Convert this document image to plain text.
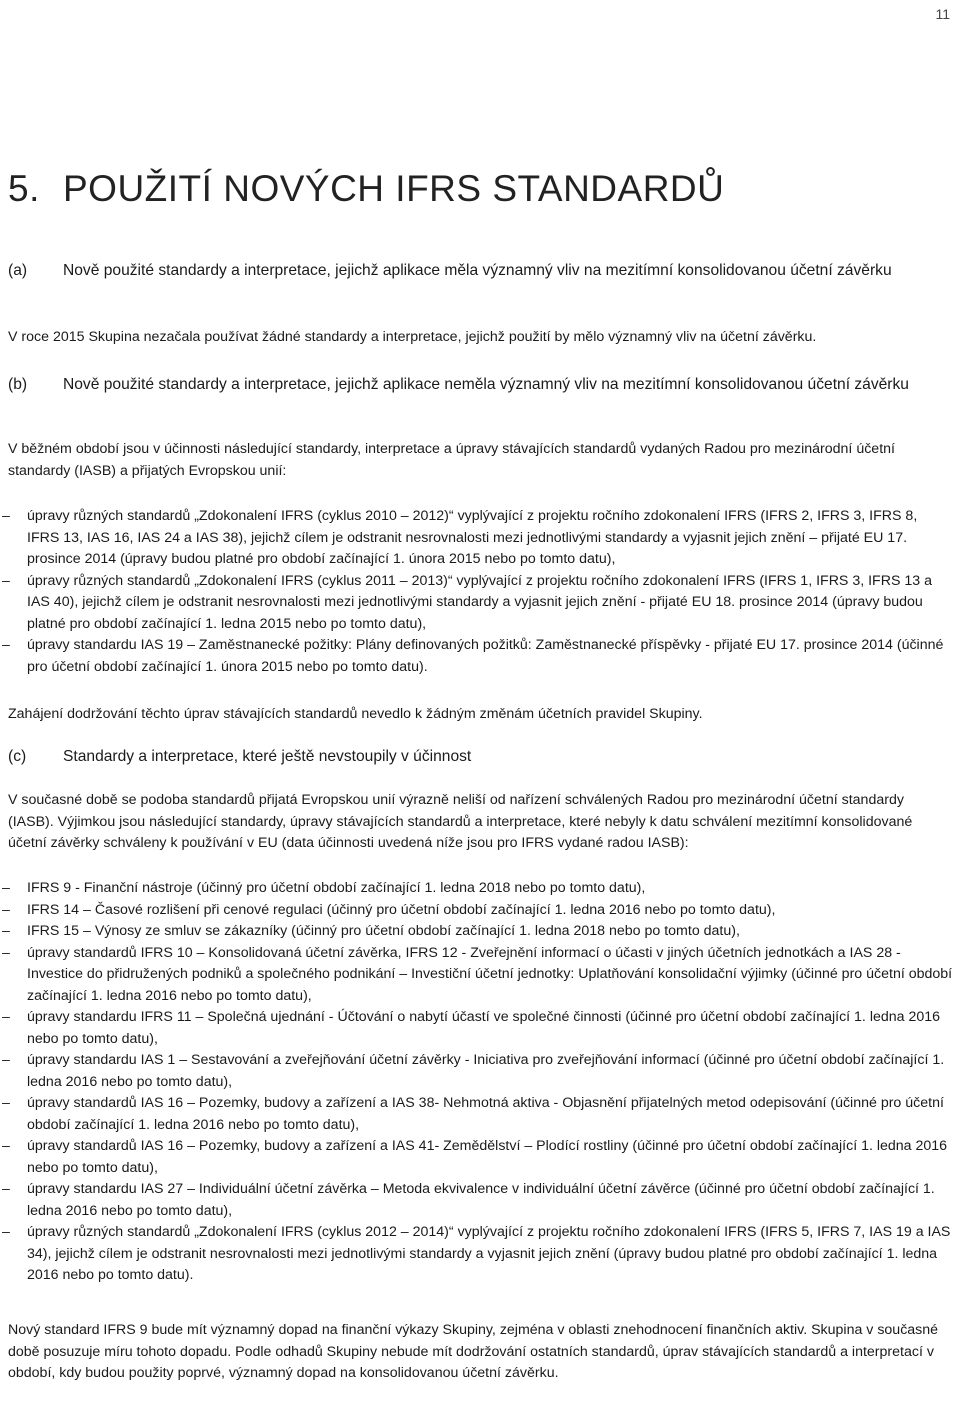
11
5. POUŽITÍ NOVÝCH IFRS STANDARDŮ
(a) Nově použité standardy a interpretace, jejichž aplikace měla významný vliv na mezitímní konsolidovanou účetní závěrku

V roce 2015 Skupina nezačala používat žádné standardy a interpretace, jejichž použití by mělo významný vliv na účetní závěrku.

(b) Nově použité standardy a interpretace, jejichž aplikace neměla významný vliv na mezitímní konsolidovanou účetní závěrku

V běžném období jsou v účinnosti následující standardy, interpretace a úpravy stávajících standardů vydaných Radou pro mezinárodní účetní standardy (IASB) a přijatých Evropskou unií:

– úpravy různých standardů „Zdokonalení IFRS (cyklus 2010 – 2012)“ vyplývající z projektu ročního zdokonalení IFRS (IFRS 2, IFRS 3, IFRS 8, IFRS 13, IAS 16, IAS 24 a IAS 38), jejichž cílem je odstranit nesrovnalosti mezi jednotlivými standardy a vyjasnit jejich znění – přijaté EU 17. prosince 2014 (úpravy budou platné pro období začínající 1. února 2015 nebo po tomto datu),
– úpravy různých standardů „Zdokonalení IFRS (cyklus 2011 – 2013)“ vyplývající z projektu ročního zdokonalení IFRS (IFRS 1, IFRS 3, IFRS 13 a IAS 40), jejichž cílem je odstranit nesrovnalosti mezi jednotlivými standardy a vyjasnit jejich znění - přijaté EU 18. prosince 2014 (úpravy budou platné pro období začínající 1. ledna 2015 nebo po tomto datu),
– úpravy standardu IAS 19 – Zaměstnanecké požitky: Plány definovaných požitků: Zaměstnanecké příspěvky - přijaté EU 17. prosince 2014 (účinné pro účetní období začínající 1. února 2015 nebo po tomto datu).

Zahájení dodržování těchto úprav stávajících standardů nevedlo k žádným změnám účetních pravidel Skupiny.

(c) Standardy a interpretace, které ještě nevstoupily v účinnost

V současné době se podoba standardů přijatá Evropskou unií výrazně neliší od nařízení schválených Radou pro mezinárodní účetní standardy (IASB). Výjimkou jsou následující standardy, úpravy stávajících standardů a interpretace, které nebyly k datu schválení mezitímní konsolidované účetní závěrky schváleny k používání v EU (data účinnosti uvedená níže jsou pro IFRS vydané radou IASB):

– IFRS 9 - Finanční nástroje (účinný pro účetní období začínající 1. ledna 2018 nebo po tomto datu),
– IFRS 14 – Časové rozlišení při cenové regulaci (účinný pro účetní období začínající 1. ledna 2016 nebo po tomto datu),
– IFRS 15 – Výnosy ze smluv se zákazníky (účinný pro účetní období začínající 1. ledna 2018 nebo po tomto datu),
– úpravy standardů IFRS 10 – Konsolidovaná účetní závěrka, IFRS 12 - Zveřejnění informací o účasti v jiných účetních jednotkách a IAS 28 - Investice do přidružených podniků a společného podnikání – Investiční účetní jednotky: Uplatňování konsolidační výjimky (účinné pro účetní období začínající 1. ledna 2016 nebo po tomto datu),
– úpravy standardu IFRS 11 – Společná ujednání - Účtování o nabytí účastí ve společné činnosti (účinné pro účetní období začínající 1. ledna 2016 nebo po tomto datu),
– úpravy standardu IAS 1 – Sestavování a zveřejňování účetní závěrky - Iniciativa pro zveřejňování informací (účinné pro účetní období začínající 1. ledna 2016 nebo po tomto datu),
– úpravy standardů IAS 16 – Pozemky, budovy a zařízení a IAS 38- Nehmotná aktiva - Objasnění přijatelných metod odepisování (účinné pro účetní období začínající 1. ledna 2016 nebo po tomto datu),
– úpravy standardů IAS 16 – Pozemky, budovy a zařízení a IAS 41- Zemědělství – Plodící rostliny (účinné pro účetní období začínající 1. ledna 2016 nebo po tomto datu),
– úpravy standardu IAS 27 – Individuální účetní závěrka – Metoda ekvivalence v individuální účetní závěrce (účinné pro účetní období začínající 1. ledna 2016 nebo po tomto datu),
– úpravy různých standardů „Zdokonalení IFRS (cyklus 2012 – 2014)“ vyplývající z projektu ročního zdokonalení IFRS (IFRS 5, IFRS 7, IAS 19 a IAS 34), jejichž cílem je odstranit nesrovnalosti mezi jednotlivými standardy a vyjasnit jejich znění (úpravy budou platné pro období začínající 1. ledna 2016 nebo po tomto datu).

Nový standard IFRS 9 bude mít významný dopad na finanční výkazy Skupiny, zejména v oblasti znehodnocení finančních aktiv. Skupina v současné době posuzuje míru tohoto dopadu. Podle odhadů Skupiny nebude mít dodržování ostatních standardů, úprav stávajících standardů a interpretací v období, kdy budou použity poprvé, významný dopad na konsolidovanou účetní závěrku.
